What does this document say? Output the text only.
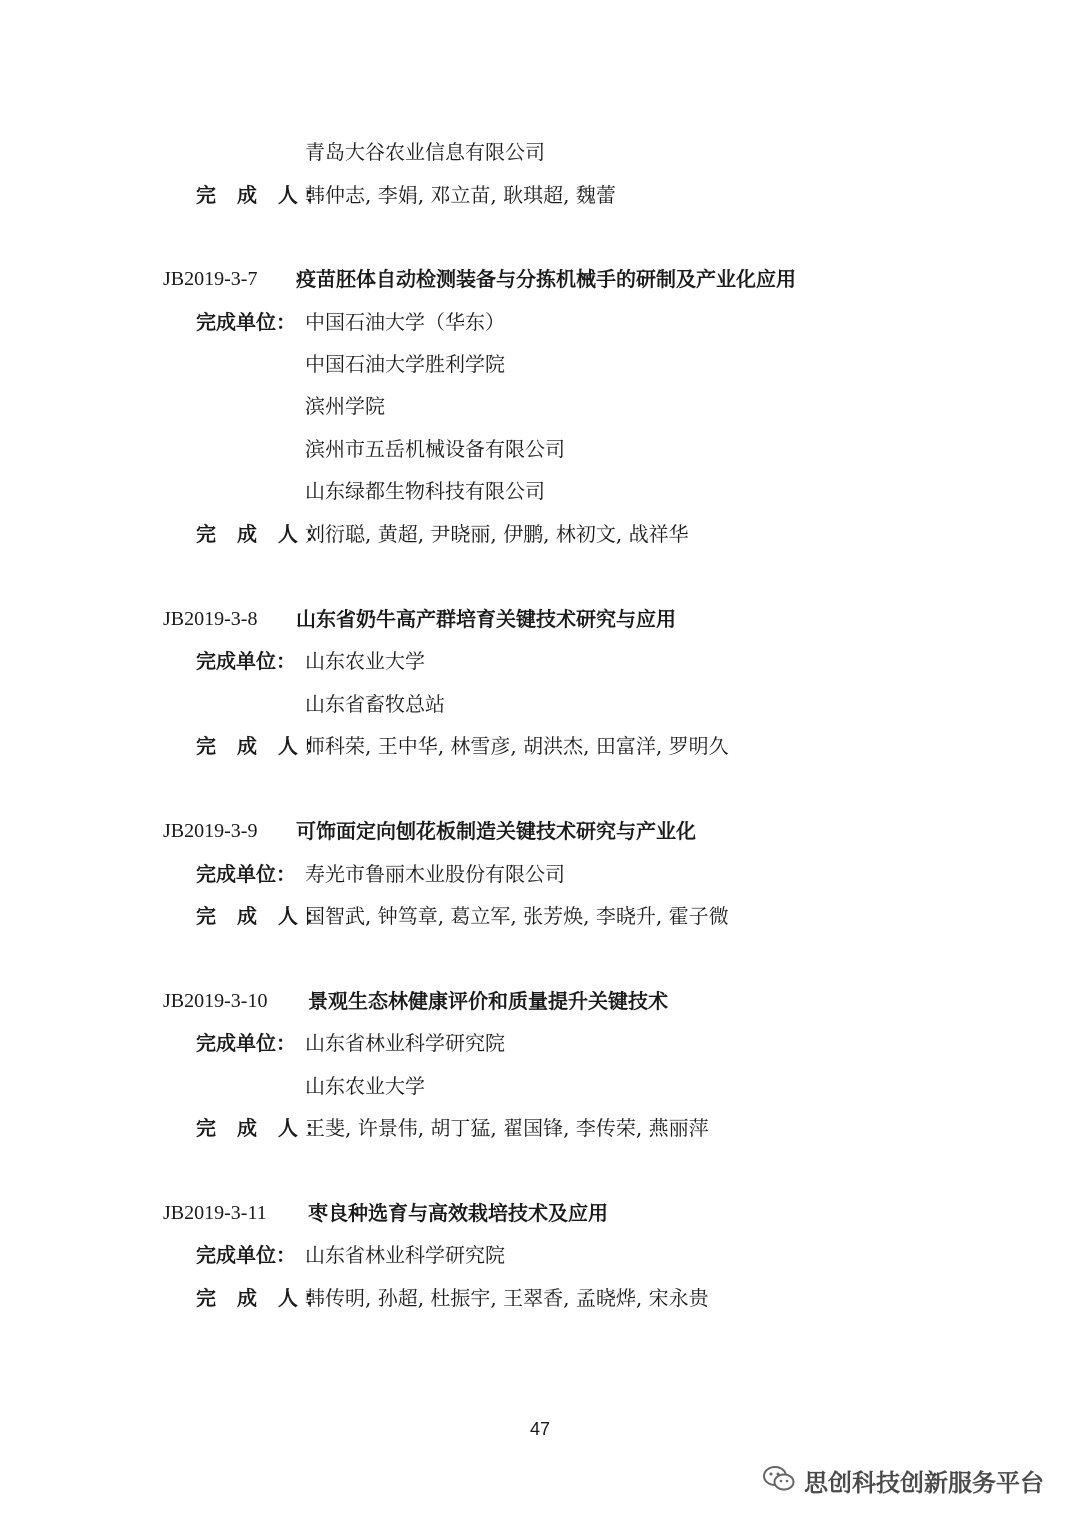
青岛大谷农业信息有限公司
完 成 人：
韩仲志, 李娟, 邓立苗, 耿琪超, 魏蕾
JB2019-3-7 疫苗胚体自动检测装备与分拣机械手的研制及产业化应用
完成单位： 中国石油大学（华东）
中国石油大学胜利学院
滨州学院
滨州市五岳机械设备有限公司
山东绿都生物科技有限公司
完 成 人：
刘衍聪, 黄超, 尹晓丽, 伊鹏, 林初文, 战祥华
JB2019-3-8 山东省奶牛高产群培育关键技术研究与应用
完成单位： 山东农业大学
山东省畜牧总站
完 成 人：
师科荣, 王中华, 林雪彦, 胡洪杰, 田富洋, 罗明久
JB2019-3-9 可饰面定向刨花板制造关键技术研究与产业化
完成单位： 寿光市鲁丽木业股份有限公司
完 成 人：
国智武, 钟笃章, 葛立军, 张芳焕, 李晓升, 霍子微
JB2019-3-10 景观生态林健康评价和质量提升关键技术
完成单位： 山东省林业科学研究院
山东农业大学
完 成 人：
王斐, 许景伟, 胡丁猛, 翟国锋, 李传荣, 燕丽萍
JB2019-3-11 枣良种选育与高效栽培技术及应用
完成单位： 山东省林业科学研究院
完 成 人：
韩传明, 孙超, 杜振宇, 王翠香, 孟晓烨, 宋永贵
47
思创科技创新服务平台
